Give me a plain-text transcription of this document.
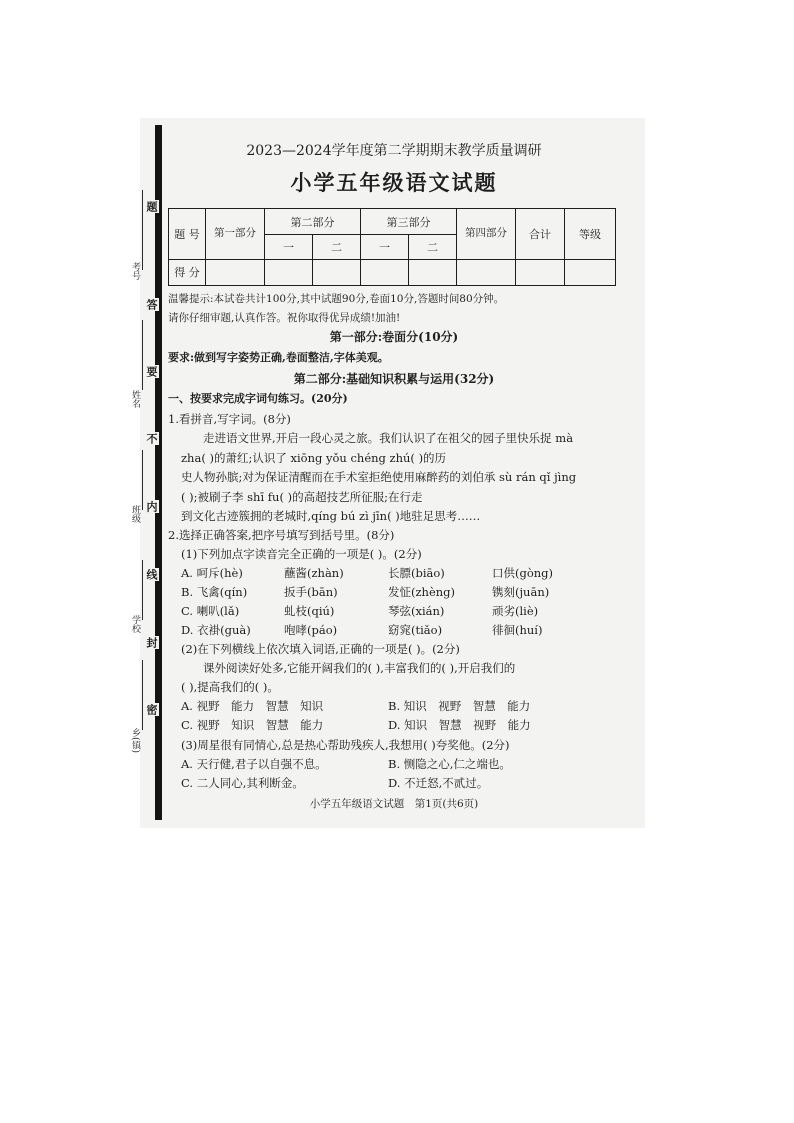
考号
姓名
班级
学校
乡(镇)
题
答
要
不
内
线
封
密
2023—2024学年度第二学期期末教学质量调研
小学五年级语文试题
题 号	第一部分	第二部分		第三部分		第四部分	合计	等级
		一	二	一	二			
得 分								
温馨提示:本试卷共计100分,其中试题90分,卷面10分,答题时间80分钟。
请你仔细审题,认真作答。祝你取得优异成绩!加油!
第一部分:卷面分(10分)
要求:做到写字姿势正确,卷面整洁,字体美观。
第二部分:基础知识积累与运用(32分)
一、按要求完成字词句练习。(20分)
1.看拼音,写字词。(8分)
走进语文世界,开启一段心灵之旅。我们认识了在祖父的园子里快乐捉 mà
zha( )的萧红;认识了 xiōng yǒu chéng zhú( )的历
史人物孙膑;对为保证清醒而在手术室拒绝使用麻醉药的刘伯承 sù rán qǐ jìng
( );被刷子李 shī fu( )的高超技艺所征服;在行走
到文化古迹簇拥的老城时,qíng bú zì jīn( )地驻足思考……
2.选择正确答案,把序号填写到括号里。(8分)
(1)下列加点字读音完全正确的一项是( )。(2分)
A. 呵斥(hè)	蘸酱(zhàn)	长膘(biāo)	口供(gòng)
B. 飞禽(qín)	扳手(bān)	发怔(zhèng)	镌刻(juān)
C. 喇叭(lǎ)	虬枝(qiú)	琴弦(xián)	顽劣(liè)
D. 衣褂(guà)	咆哮(páo)	窈窕(tiǎo)	徘徊(huí)
(2)在下列横线上依次填入词语,正确的一项是( )。(2分)
课外阅读好处多,它能开阔我们的( ),丰富我们的( ),开启我们的
( ),提高我们的( )。
A. 视野　能力　智慧　知识	B. 知识　视野　智慧　能力
C. 视野　知识　智慧　能力	D. 知识　智慧　视野　能力
(3)周星很有同情心,总是热心帮助残疾人,我想用( )夸奖他。(2分)
A. 天行健,君子以自强不息。	B. 恻隐之心,仁之端也。
C. 二人同心,其利断金。	D. 不迁怒,不贰过。
小学五年级语文试题　第1页(共6页)
